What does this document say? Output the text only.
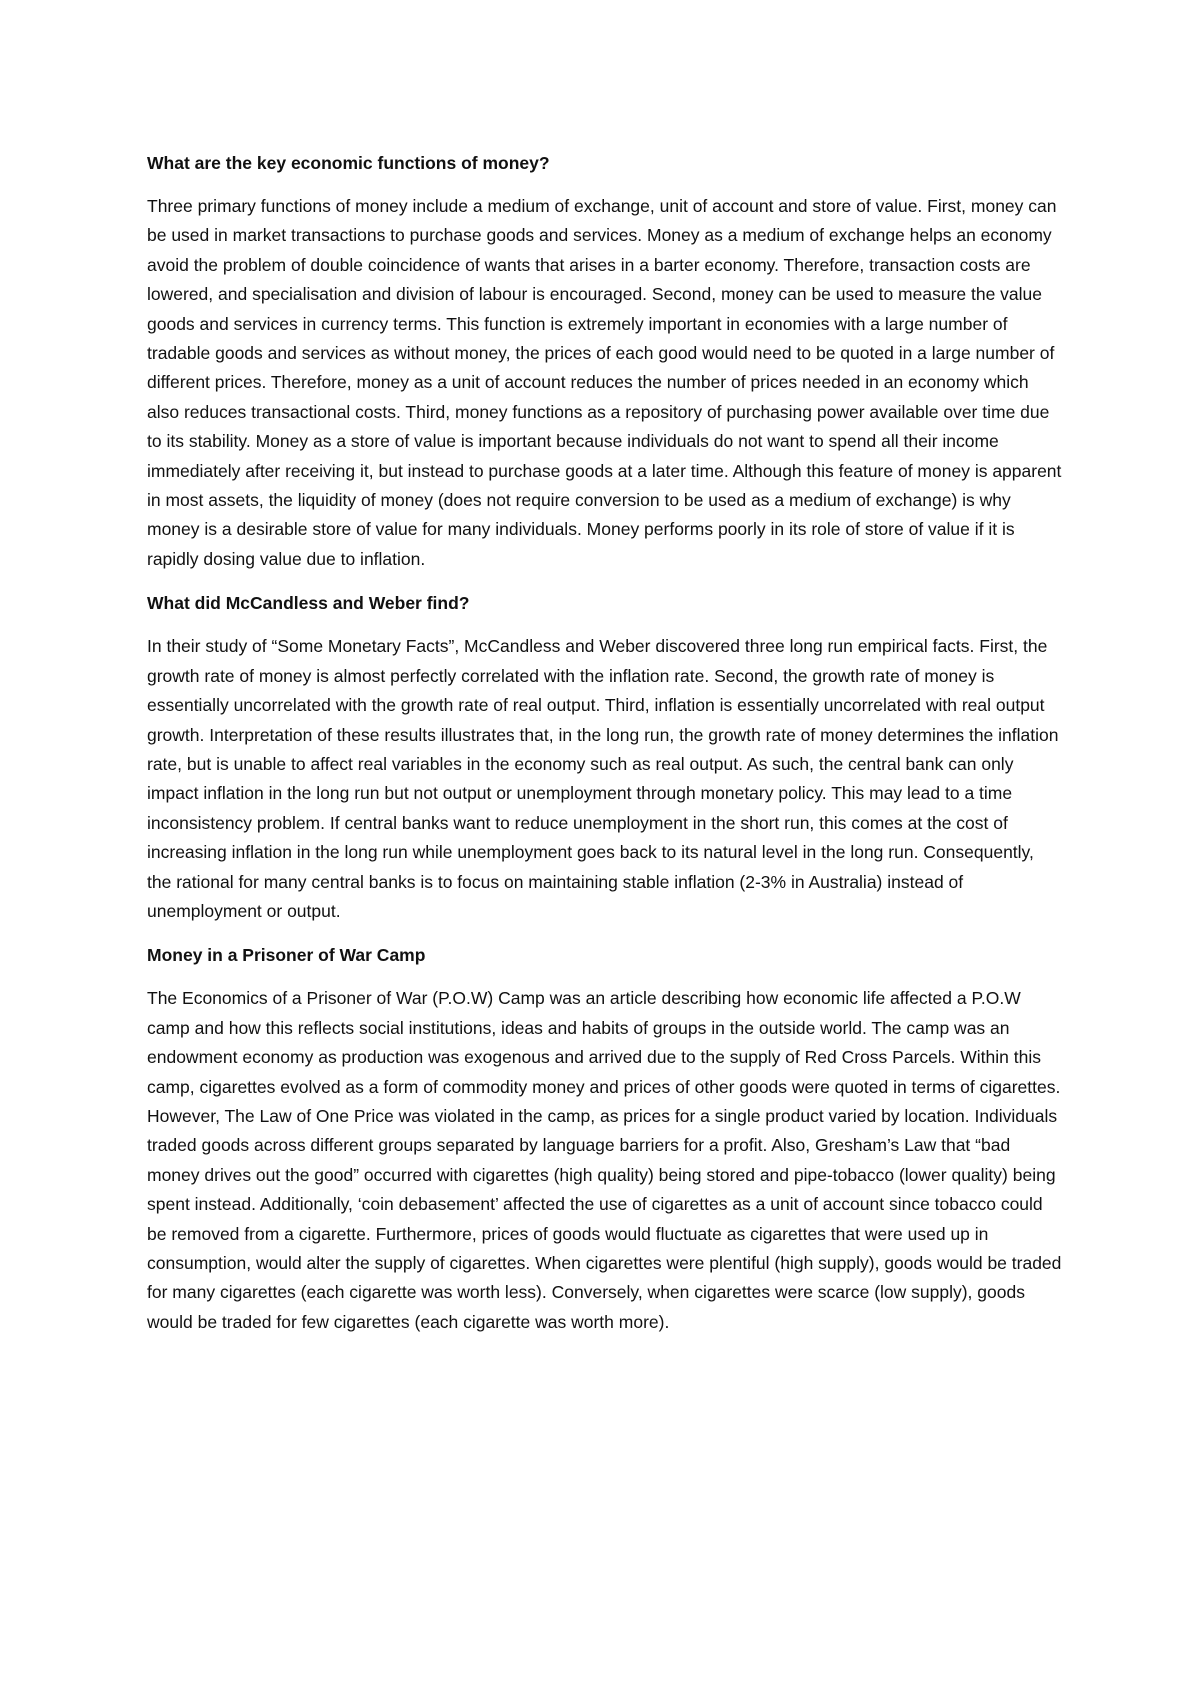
What are the key economic functions of money?
Three primary functions of money include a medium of exchange, unit of account and store of value. First, money can be used in market transactions to purchase goods and services. Money as a medium of exchange helps an economy avoid the problem of double coincidence of wants that arises in a barter economy. Therefore, transaction costs are lowered, and specialisation and division of labour is encouraged. Second, money can be used to measure the value goods and services in currency terms. This function is extremely important in economies with a large number of tradable goods and services as without money, the prices of each good would need to be quoted in a large number of different prices. Therefore, money as a unit of account reduces the number of prices needed in an economy which also reduces transactional costs. Third, money functions as a repository of purchasing power available over time due to its stability. Money as a store of value is important because individuals do not want to spend all their income immediately after receiving it, but instead to purchase goods at a later time. Although this feature of money is apparent in most assets, the liquidity of money (does not require conversion to be used as a medium of exchange) is why money is a desirable store of value for many individuals. Money performs poorly in its role of store of value if it is rapidly dosing value due to inflation.
What did McCandless and Weber find?
In their study of “Some Monetary Facts”, McCandless and Weber discovered three long run empirical facts. First, the growth rate of money is almost perfectly correlated with the inflation rate. Second, the growth rate of money is essentially uncorrelated with the growth rate of real output. Third, inflation is essentially uncorrelated with real output growth. Interpretation of these results illustrates that, in the long run, the growth rate of money determines the inflation rate, but is unable to affect real variables in the economy such as real output. As such, the central bank can only impact inflation in the long run but not output or unemployment through monetary policy. This may lead to a time inconsistency problem. If central banks want to reduce unemployment in the short run, this comes at the cost of increasing inflation in the long run while unemployment goes back to its natural level in the long run. Consequently, the rational for many central banks is to focus on maintaining stable inflation (2-3% in Australia) instead of unemployment or output.
Money in a Prisoner of War Camp
The Economics of a Prisoner of War (P.O.W) Camp was an article describing how economic life affected a P.O.W camp and how this reflects social institutions, ideas and habits of groups in the outside world. The camp was an endowment economy as production was exogenous and arrived due to the supply of Red Cross Parcels. Within this camp, cigarettes evolved as a form of commodity money and prices of other goods were quoted in terms of cigarettes. However, The Law of One Price was violated in the camp, as prices for a single product varied by location. Individuals traded goods across different groups separated by language barriers for a profit. Also, Gresham’s Law that “bad money drives out the good” occurred with cigarettes (high quality) being stored and pipe-tobacco (lower quality) being spent instead. Additionally, ‘coin debasement’ affected the use of cigarettes as a unit of account since tobacco could be removed from a cigarette. Furthermore, prices of goods would fluctuate as cigarettes that were used up in consumption, would alter the supply of cigarettes. When cigarettes were plentiful (high supply), goods would be traded for many cigarettes (each cigarette was worth less). Conversely, when cigarettes were scarce (low supply), goods would be traded for few cigarettes (each cigarette was worth more).
